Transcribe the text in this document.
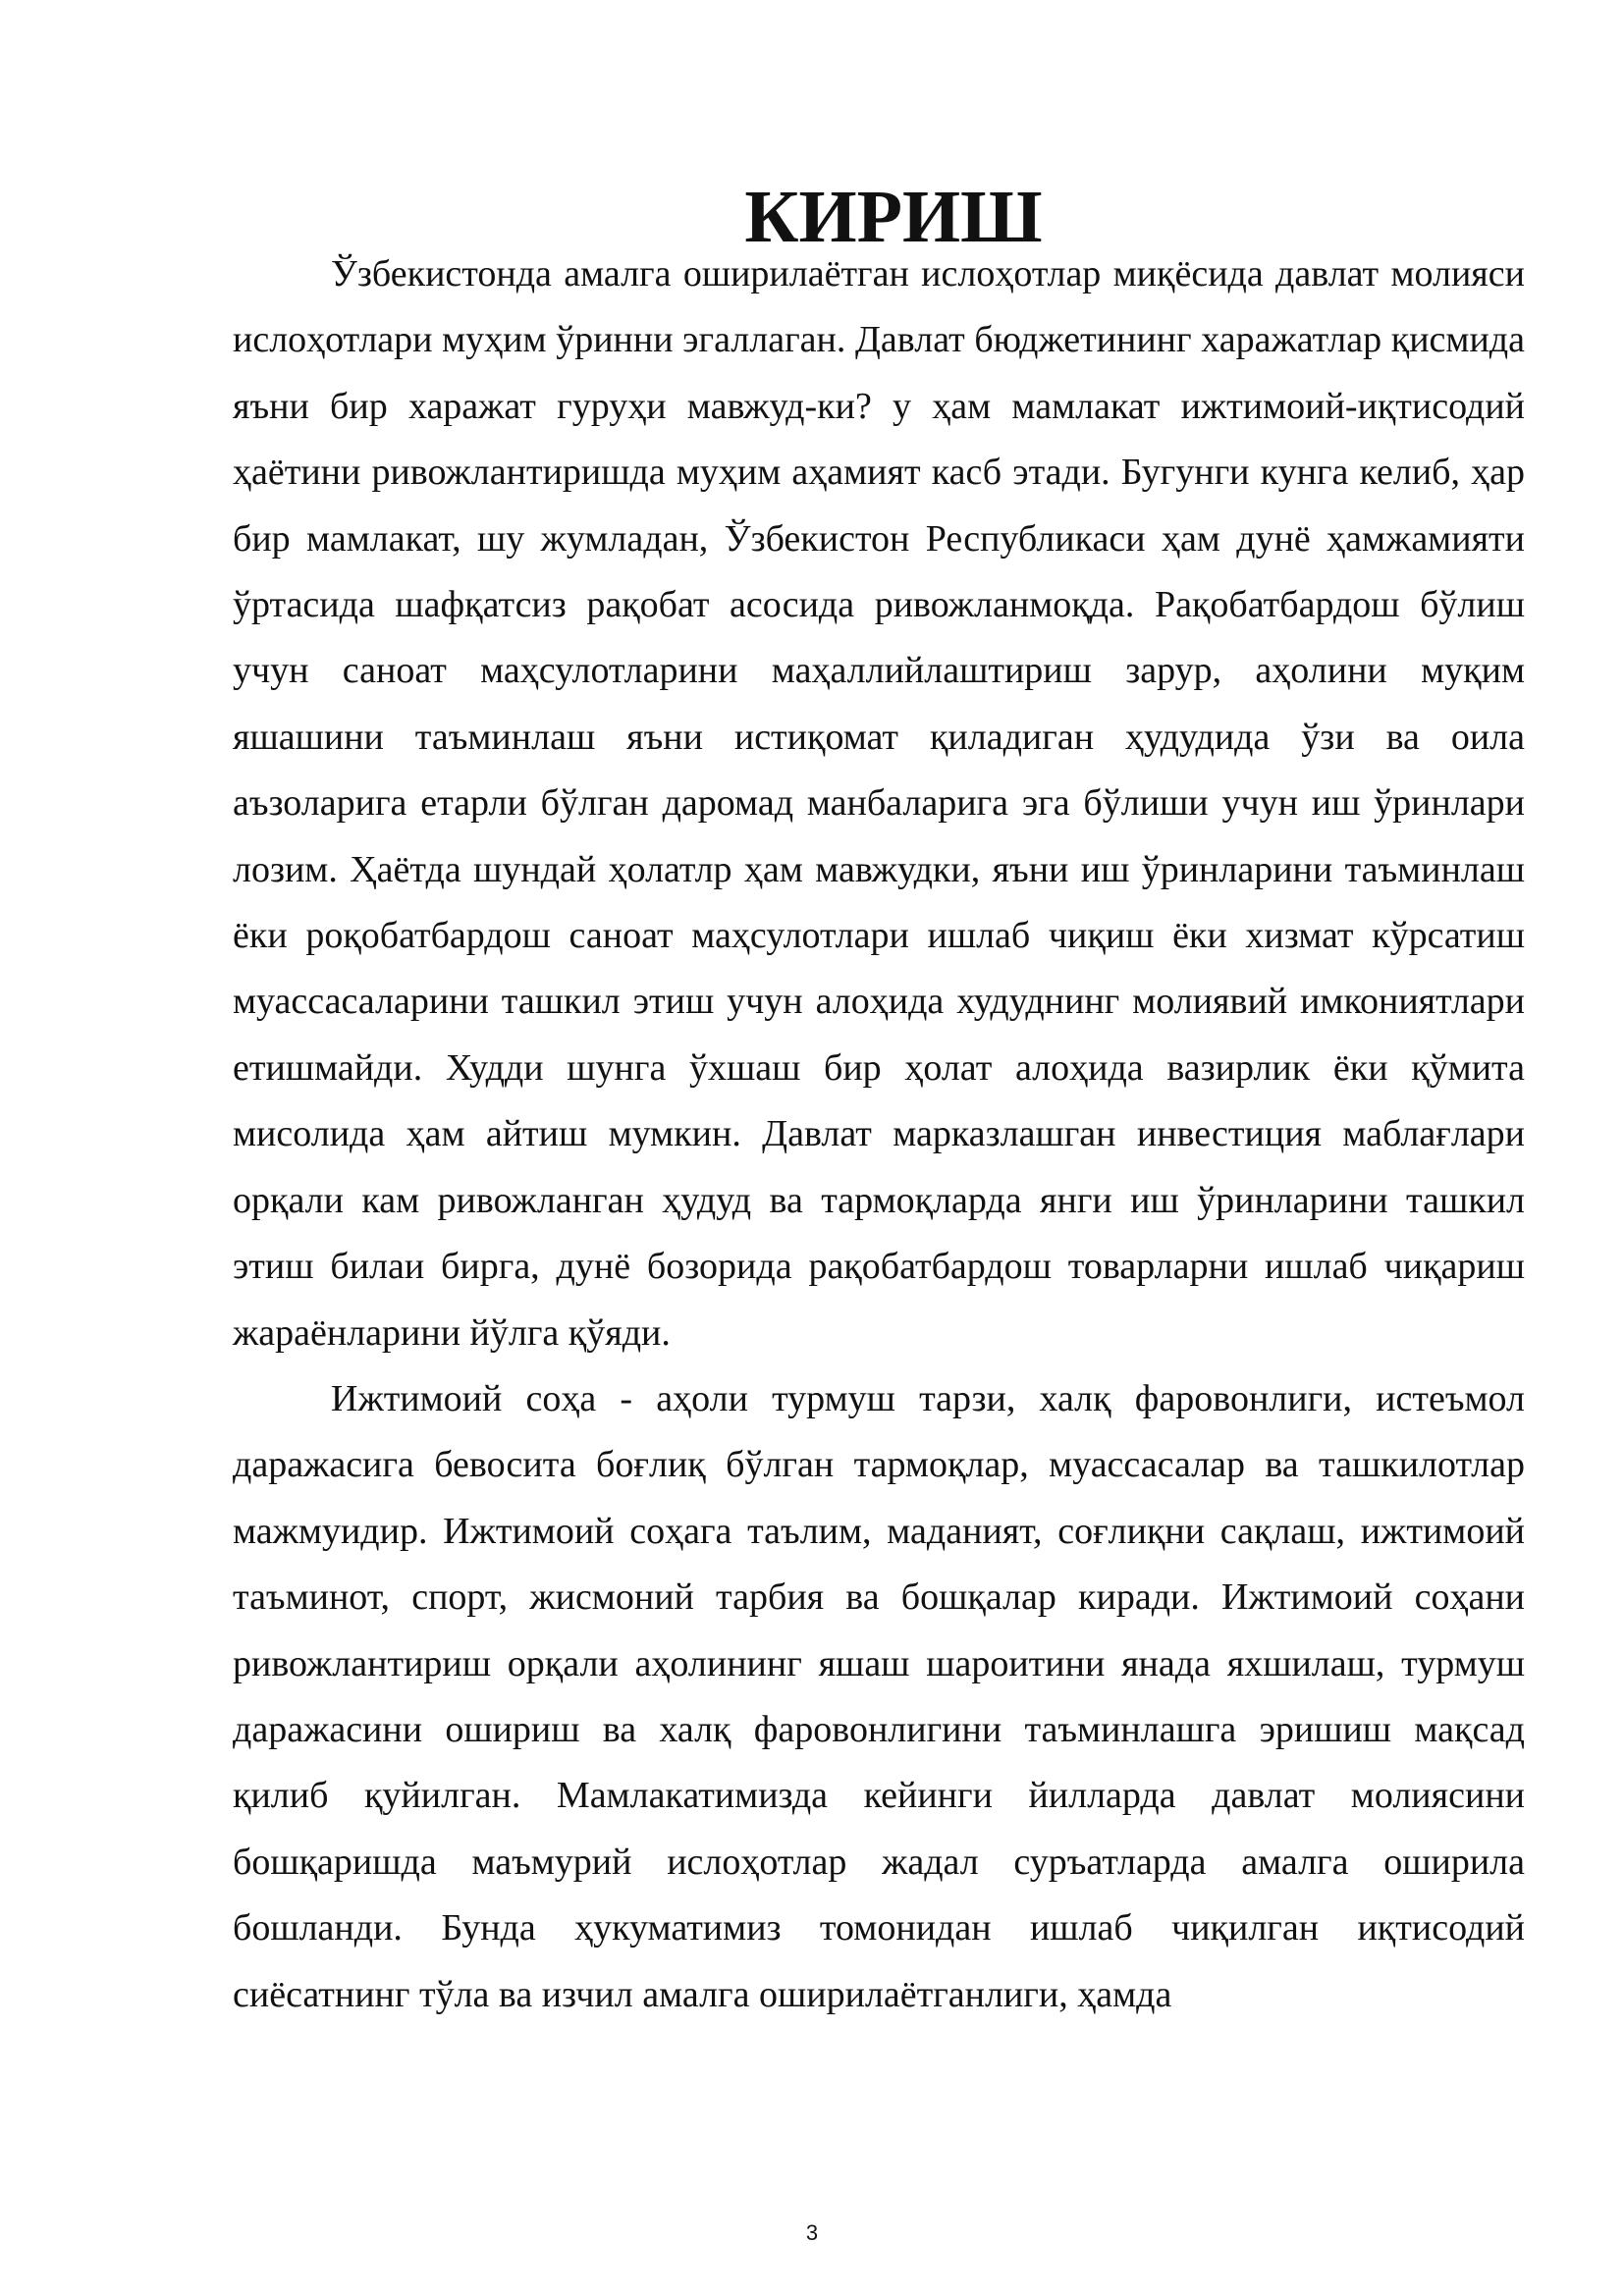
КИРИШ

Ўзбекистонда амалга оширилаётган ислоҳотлар миқёсида давлат молияси ислоҳотлари муҳим ўринни эгаллаган. Давлат бюджетининг харажатлар қисмида яъни бир харажат гуруҳи мавжуд-ки? у ҳам мамлакат ижтимоий-иқтисодий ҳаётини ривожлантиришда муҳим аҳамият касб этади. Бугунги кунга келиб, ҳар бир мамлакат, шу жумладан, Ўзбекистон Республикаси ҳам дунё ҳамжамияти ўртасида шафқатсиз рақобат асосида ривожланмоқда. Рақобатбардош бўлиш учун саноат маҳсулотларини маҳаллийлаштириш зарур, аҳолини муқим яшашини таъминлаш яъни истиқомат қиладиган ҳудудида ўзи ва оила аъзоларига етарли бўлган даромад манбаларига эга бўлиши учун иш ўринлари лозим. Ҳаётда шундай ҳолатлр ҳам мавжудки, яъни иш ўринларини таъминлаш ёки роқобатбардош саноат маҳсулотлари ишлаб чиқиш ёки хизмат кўрсатиш муассасаларини ташкил этиш учун алоҳида худуднинг молиявий имкониятлари етишмайди. Худди шунга ўхшаш бир ҳолат алоҳида вазирлик ёки қўмита мисолида ҳам айтиш мумкин. Давлат марказлашган инвестиция маблағлари орқали кам ривожланган ҳудуд ва тармоқларда янги иш ўринларини ташкил этиш билаи бирга, дунё бозорида рақобатбардош товарларни ишлаб чиқариш жараёнларини йўлга қўяди.

Ижтимоий соҳа - аҳоли турмуш тарзи, халқ фаровонлиги, истеъмол даражасига бевосита боғлиқ бўлган тармоқлар, муассасалар ва ташкилотлар мажмуидир. Ижтимоий соҳага таълим, маданият, соғлиқни сақлаш, ижтимоий таъминот, спорт, жисмоний тарбия ва бошқалар киради. Ижтимоий соҳани ривожлантириш орқали аҳолининг яшаш шароитини янада яхшилаш, турмуш даражасини ошириш ва халқ фаровонлигини таъминлашга эришиш мақсад қилиб қуйилган. Мамлакатимизда кейинги йилларда давлат молиясини бошқаришда маъмурий ислоҳотлар жадал суръатларда амалга оширила бошланди. Бунда ҳукуматимиз томонидан ишлаб чиқилган иқтисодий сиёсатнинг тўла ва изчил амалга оширилаётганлиги, ҳамда

3
